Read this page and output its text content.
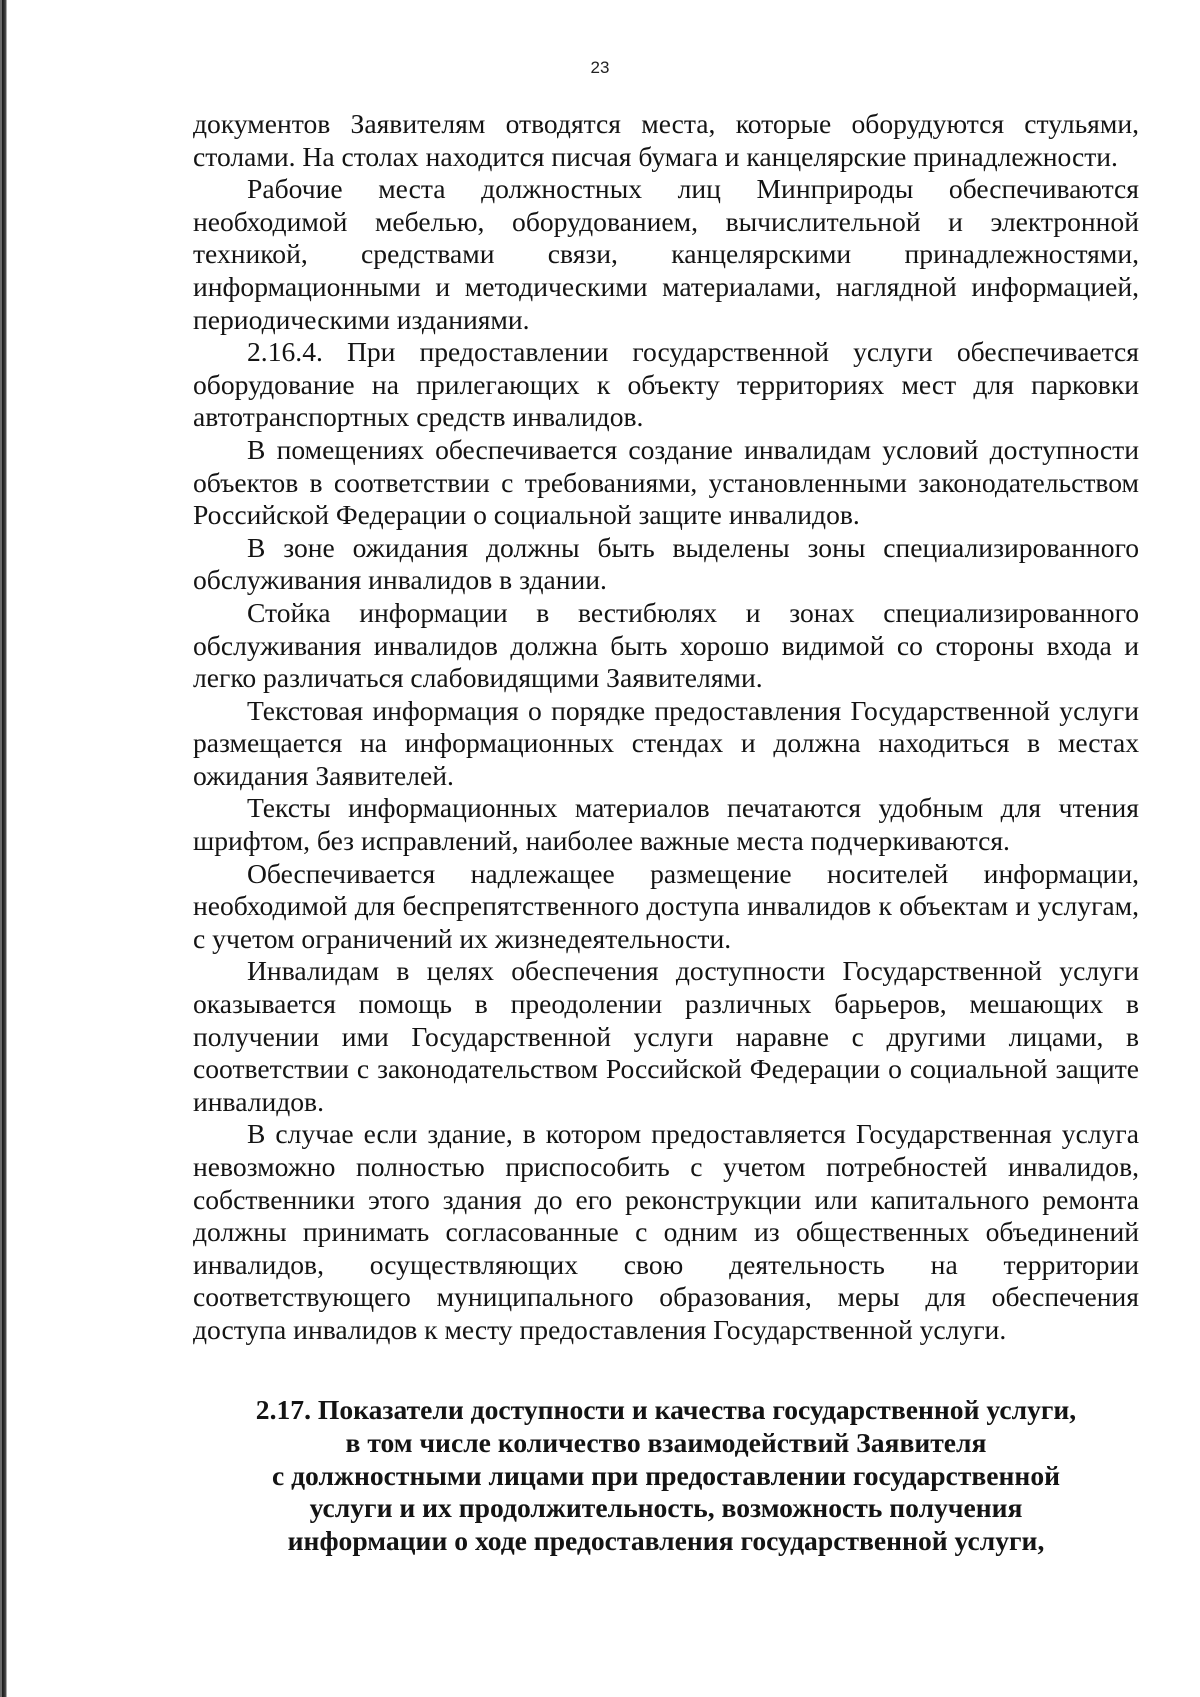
23

документов Заявителям отводятся места, которые оборудуются стульями, столами. На столах находится писчая бумага и канцелярские принадлежности.

Рабочие места должностных лиц Минприроды обеспечиваются необходимой мебелью, оборудованием, вычислительной и электронной техникой, средствами связи, канцелярскими принадлежностями, информационными и методическими материалами, наглядной информацией, периодическими изданиями.

2.16.4. При предоставлении государственной услуги обеспечивается оборудование на прилегающих к объекту территориях мест для парковки автотранспортных средств инвалидов.

В помещениях обеспечивается создание инвалидам условий доступности объектов в соответствии с требованиями, установленными законодательством Российской Федерации о социальной защите инвалидов.

В зоне ожидания должны быть выделены зоны специализированного обслуживания инвалидов в здании.

Стойка информации в вестибюлях и зонах специализированного обслуживания инвалидов должна быть хорошо видимой со стороны входа и легко различаться слабовидящими Заявителями.

Текстовая информация о порядке предоставления Государственной услуги размещается на информационных стендах и должна находиться в местах ожидания Заявителей.

Тексты информационных материалов печатаются удобным для чтения шрифтом, без исправлений, наиболее важные места подчеркиваются.

Обеспечивается надлежащее размещение носителей информации, необходимой для беспрепятственного доступа инвалидов к объектам и услугам, с учетом ограничений их жизнедеятельности.

Инвалидам в целях обеспечения доступности Государственной услуги оказывается помощь в преодолении различных барьеров, мешающих в получении ими Государственной услуги наравне с другими лицами, в соответствии с законодательством Российской Федерации о социальной защите инвалидов.

В случае если здание, в котором предоставляется Государственная услуга невозможно полностью приспособить с учетом потребностей инвалидов, собственники этого здания до его реконструкции или капитального ремонта должны принимать согласованные с одним из общественных объединений инвалидов, осуществляющих свою деятельность на территории соответствующего муниципального образования, меры для обеспечения доступа инвалидов к месту предоставления Государственной услуги.

2.17. Показатели доступности и качества государственной услуги,
в том числе количество взаимодействий Заявителя
с должностными лицами при предоставлении государственной
услуги и их продолжительность, возможность получения
информации о ходе предоставления государственной услуги,
